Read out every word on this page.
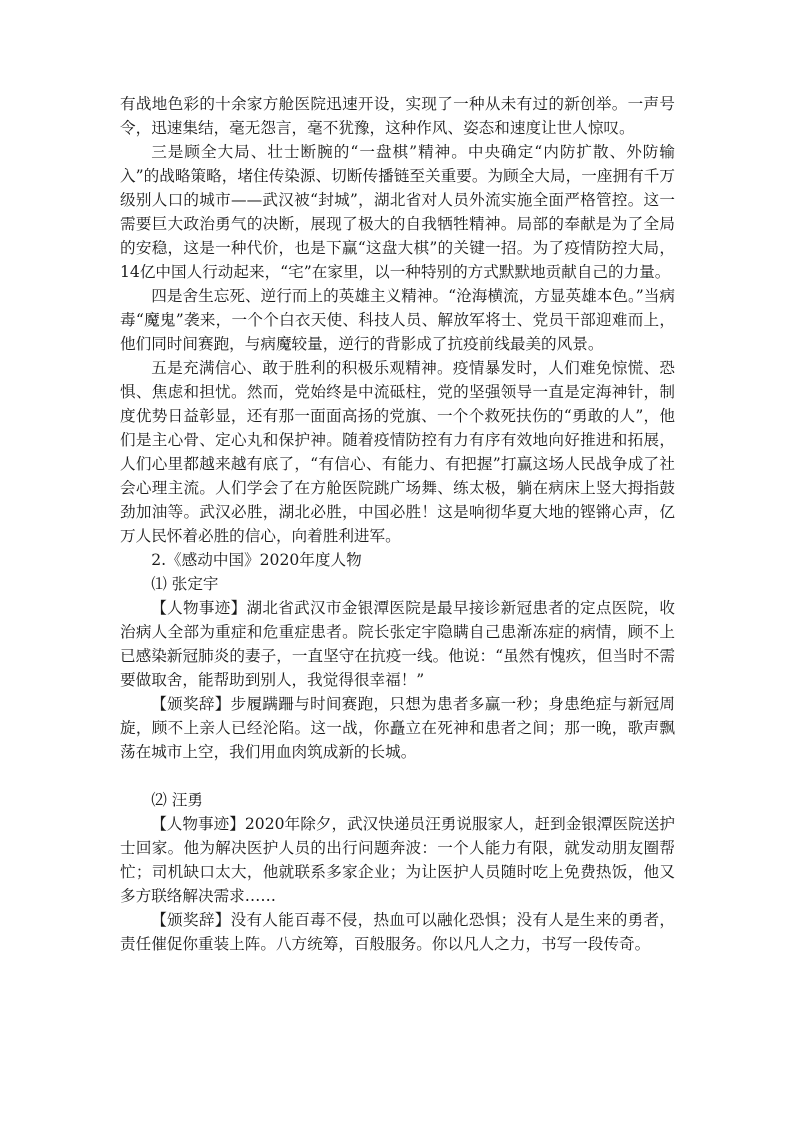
有战地色彩的十余家方舱医院迅速开设，实现了一种从未有过的新创举。一声号令，迅速集结，毫无怨言，毫不犹豫，这种作风、姿态和速度让世人惊叹。

三是顾全大局、壮士断腕的“一盘棋”精神。中央确定“内防扩散、外防输入”的战略策略，堵住传染源、切断传播链至关重要。为顾全大局，一座拥有千万级别人口的城市——武汉被“封城”，湖北省对人员外流实施全面严格管控。这一需要巨大政治勇气的决断，展现了极大的自我牺牲精神。局部的奉献是为了全局的安稳，这是一种代价，也是下赢“这盘大棋”的关键一招。为了疫情防控大局，14亿中国人行动起来，“宅”在家里，以一种特别的方式默默地贡献自己的力量。

四是舍生忘死、逆行而上的英雄主义精神。“沧海横流，方显英雄本色。”当病毒“魔鬼”袭来，一个个白衣天使、科技人员、解放军将士、党员干部迎难而上，他们同时间赛跑，与病魔较量，逆行的背影成了抗疫前线最美的风景。

五是充满信心、敢于胜利的积极乐观精神。疫情暴发时，人们难免惊慌、恐惧、焦虑和担忧。然而，党始终是中流砥柱，党的坚强领导一直是定海神针，制度优势日益彰显，还有那一面面高扬的党旗、一个个救死扶伤的“勇敢的人”，他们是主心骨、定心丸和保护神。随着疫情防控有力有序有效地向好推进和拓展，人们心里都越来越有底了，“有信心、有能力、有把握”打赢这场人民战争成了社会心理主流。人们学会了在方舱医院跳广场舞、练太极，躺在病床上竖大拇指鼓劲加油等。武汉必胜，湖北必胜，中国必胜！这是响彻华夏大地的铿锵心声，亿万人民怀着必胜的信心，向着胜利进军。

2.《感动中国》2020年度人物

⑴ 张定宇

【人物事迹】湖北省武汉市金银潭医院是最早接诊新冠患者的定点医院，收治病人全部为重症和危重症患者。院长张定宇隐瞒自己患渐冻症的病情，顾不上已感染新冠肺炎的妻子，一直坚守在抗疫一线。他说：“虽然有愧疚，但当时不需要做取舍，能帮助到别人，我觉得很幸福！”

【颁奖辞】步履蹒跚与时间赛跑，只想为患者多赢一秒；身患绝症与新冠周旋，顾不上亲人已经沦陷。这一战，你矗立在死神和患者之间；那一晚，歌声飘荡在城市上空，我们用血肉筑成新的长城。

⑵ 汪勇

【人物事迹】2020年除夕，武汉快递员汪勇说服家人，赶到金银潭医院送护士回家。他为解决医护人员的出行问题奔波：一个人能力有限，就发动朋友圈帮忙；司机缺口太大，他就联系多家企业；为让医护人员随时吃上免费热饭，他又多方联络解决需求……

【颁奖辞】没有人能百毒不侵，热血可以融化恐惧；没有人是生来的勇者，责任催促你重装上阵。八方统筹，百般服务。你以凡人之力，书写一段传奇。
